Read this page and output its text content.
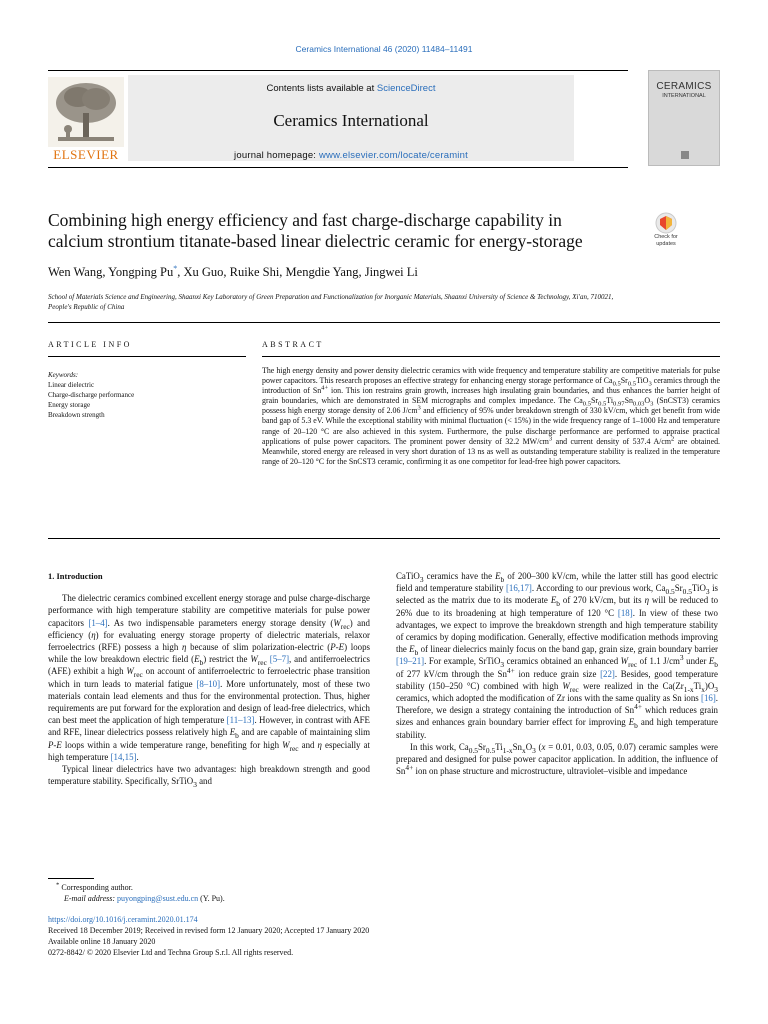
Ceramics International 46 (2020) 11484–11491
ELSEVIER
Contents lists available at ScienceDirect
Ceramics International
journal homepage: www.elsevier.com/locate/ceramint
CERAMICS
INTERNATIONAL
Combining high energy efficiency and fast charge-discharge capability in
calcium strontium titanate-based linear dielectric ceramic for energy-storage	Check for updates
Wen Wang, Yongping Pu*, Xu Guo, Ruike Shi, Mengdie Yang, Jingwei Li
School of Materials Science and Engineering, Shaanxi Key Laboratory of Green Preparation and Functionalization for Inorganic Materials, Shaanxi University of Science & Technology, Xi'an, 710021, People's Republic of China
ARTICLE INFO	ABSTRACT
Keywords:
Linear dielectric
Charge-discharge performance
Energy storage
Breakdown strength
The high energy density and power density dielectric ceramics with wide frequency and temperature stability are competitive materials for pulse power capacitors. This research proposes an effective strategy for enhancing energy storage performance of $Ca_{0.5}Sr_{0.5}TiO_3$ ceramics through the introduction of $Sn^{4+}$ ion. This ion restrains grain growth, increases high insulating grain boundaries, and thus enhances the barrier height of grain boundaries, which are demonstrated in SEM micrographs and complex impedance. The $Ca_{0.5}Sr_{0.5}Ti_{0.97}Sn_{0.03}O_3$ (SnCST3) ceramics possess high energy storage density of 2.06 $J/cm^3$ and efficiency of 95% under breakdown strength of 330 kV/cm, which get benefit from wide band gap of 5.3 eV. While the exceptional stability with minimal fluctuation (< 15%) in the wide frequency range of 1–1000 Hz and temperature range of 20–120 °C are also achieved in this system. Furthermore, the pulse discharge performance are performed to appraise practical applications of pulse power capacitors. The prominent power density of 32.2 $MW/cm^3$ and current density of 537.4 $A/cm^2$ are obtained. Meanwhile, stored energy are released in very short duration of 13 ns as well as outstanding temperature stability is realized in the temperature range of 20–120 °C for the SnCST3 ceramic, confirming it as one competitor for lead-free high power capacitors.

1. Introduction

The dielectric ceramics combined excellent energy storage and pulse charge-discharge performance with high temperature stability are competitive materials for pulse power capacitors [1–4]. As two indispensable parameters energy storage density $(W_{rec})$ and efficiency (η) for evaluating energy storage property of dielectric materials, relaxor ferroelectrics (RFE) possess a high η because of slim polarization-electric (P-E) loops while the low breakdown electric field $(E_b)$ restrict the $W_{rec}$ [5–7], and antiferroelectrics (AFE) exhibit a high $W_{rec}$ on account of antiferroelectric to ferroelectric phase transition which in turn leads to material fatigue [8–10]. More unfortunately, most of these two materials contain lead elements and thus for the environmental protection. Thus, higher requirements are put forward for the exploration and design of lead-free dielectrics, which can best meet the application of high temperature [11–13]. However, in contrast with AFE and RFE, linear dielectrics possess relatively high $E_b$ and are capable of maintaining slim P-E loops within a wide temperature range, benefiting for high $W_{rec}$ and η especially at high temperature [14,15].

Typical linear dielectrics have two advantages: high breakdown strength and good temperature stability. Specifically, SrTiO$_3$ and

CaTiO$_3$ ceramics have the $E_b$ of 200–300 kV/cm, while the latter still has good electric field and temperature stability [16,17]. According to our previous work, $Ca_{0.5}Sr_{0.5}TiO_3$ is selected as the matrix due to its moderate $E_b$ of 270 kV/cm, but its η will be reduced to 26% due to its broadening at high temperature of 120 °C [18]. In view of these two advantages, we expect to improve the breakdown strength and high temperature stability of ceramics by doping modification. Generally, effective modification methods improving the $E_b$ of linear dielecrics mainly focus on the band gap, grain size, grain boundary barrier [19–21]. For example, SrTiO$_3$ ceramics obtained an enhanced $W_{rec}$ of 1.1 $J/cm^3$ under $E_b$ of 277 kV/cm through the $Sn^{4+}$ ion reduce grain size [22]. Besides, good temperature stability (150–250 °C) combined with high $W_{rec}$ were realized in the $Ca(Zr_{1-x}Ti_x)O_3$ ceramics, which adopted the modification of Zr ions with the same quality as Sn ions [16]. Therefore, we design a strategy containing the introduction of $Sn^{4+}$ which reduces grain sizes and enhances grain boundary barrier effect for improving $E_b$ and high temperature stability.

In this work, $Ca_{0.5}Sr_{0.5}Ti_{1-x}Sn_xO_3$ (x = 0.01, 0.03, 0.05, 0.07) ceramic samples were prepared and designed for pulse power capacitor application. In addition, the influence of $Sn^{4+}$ ion on phase structure and microstructure, ultraviolet–visible and impedance

* Corresponding author.
E-mail address: puyongping@sust.edu.cn (Y. Pu).
https://doi.org/10.1016/j.ceramint.2020.01.174
Received 18 December 2019; Received in revised form 12 January 2020; Accepted 17 January 2020
Available online 18 January 2020
0272-8842/ © 2020 Elsevier Ltd and Techna Group S.r.l. All rights reserved.
